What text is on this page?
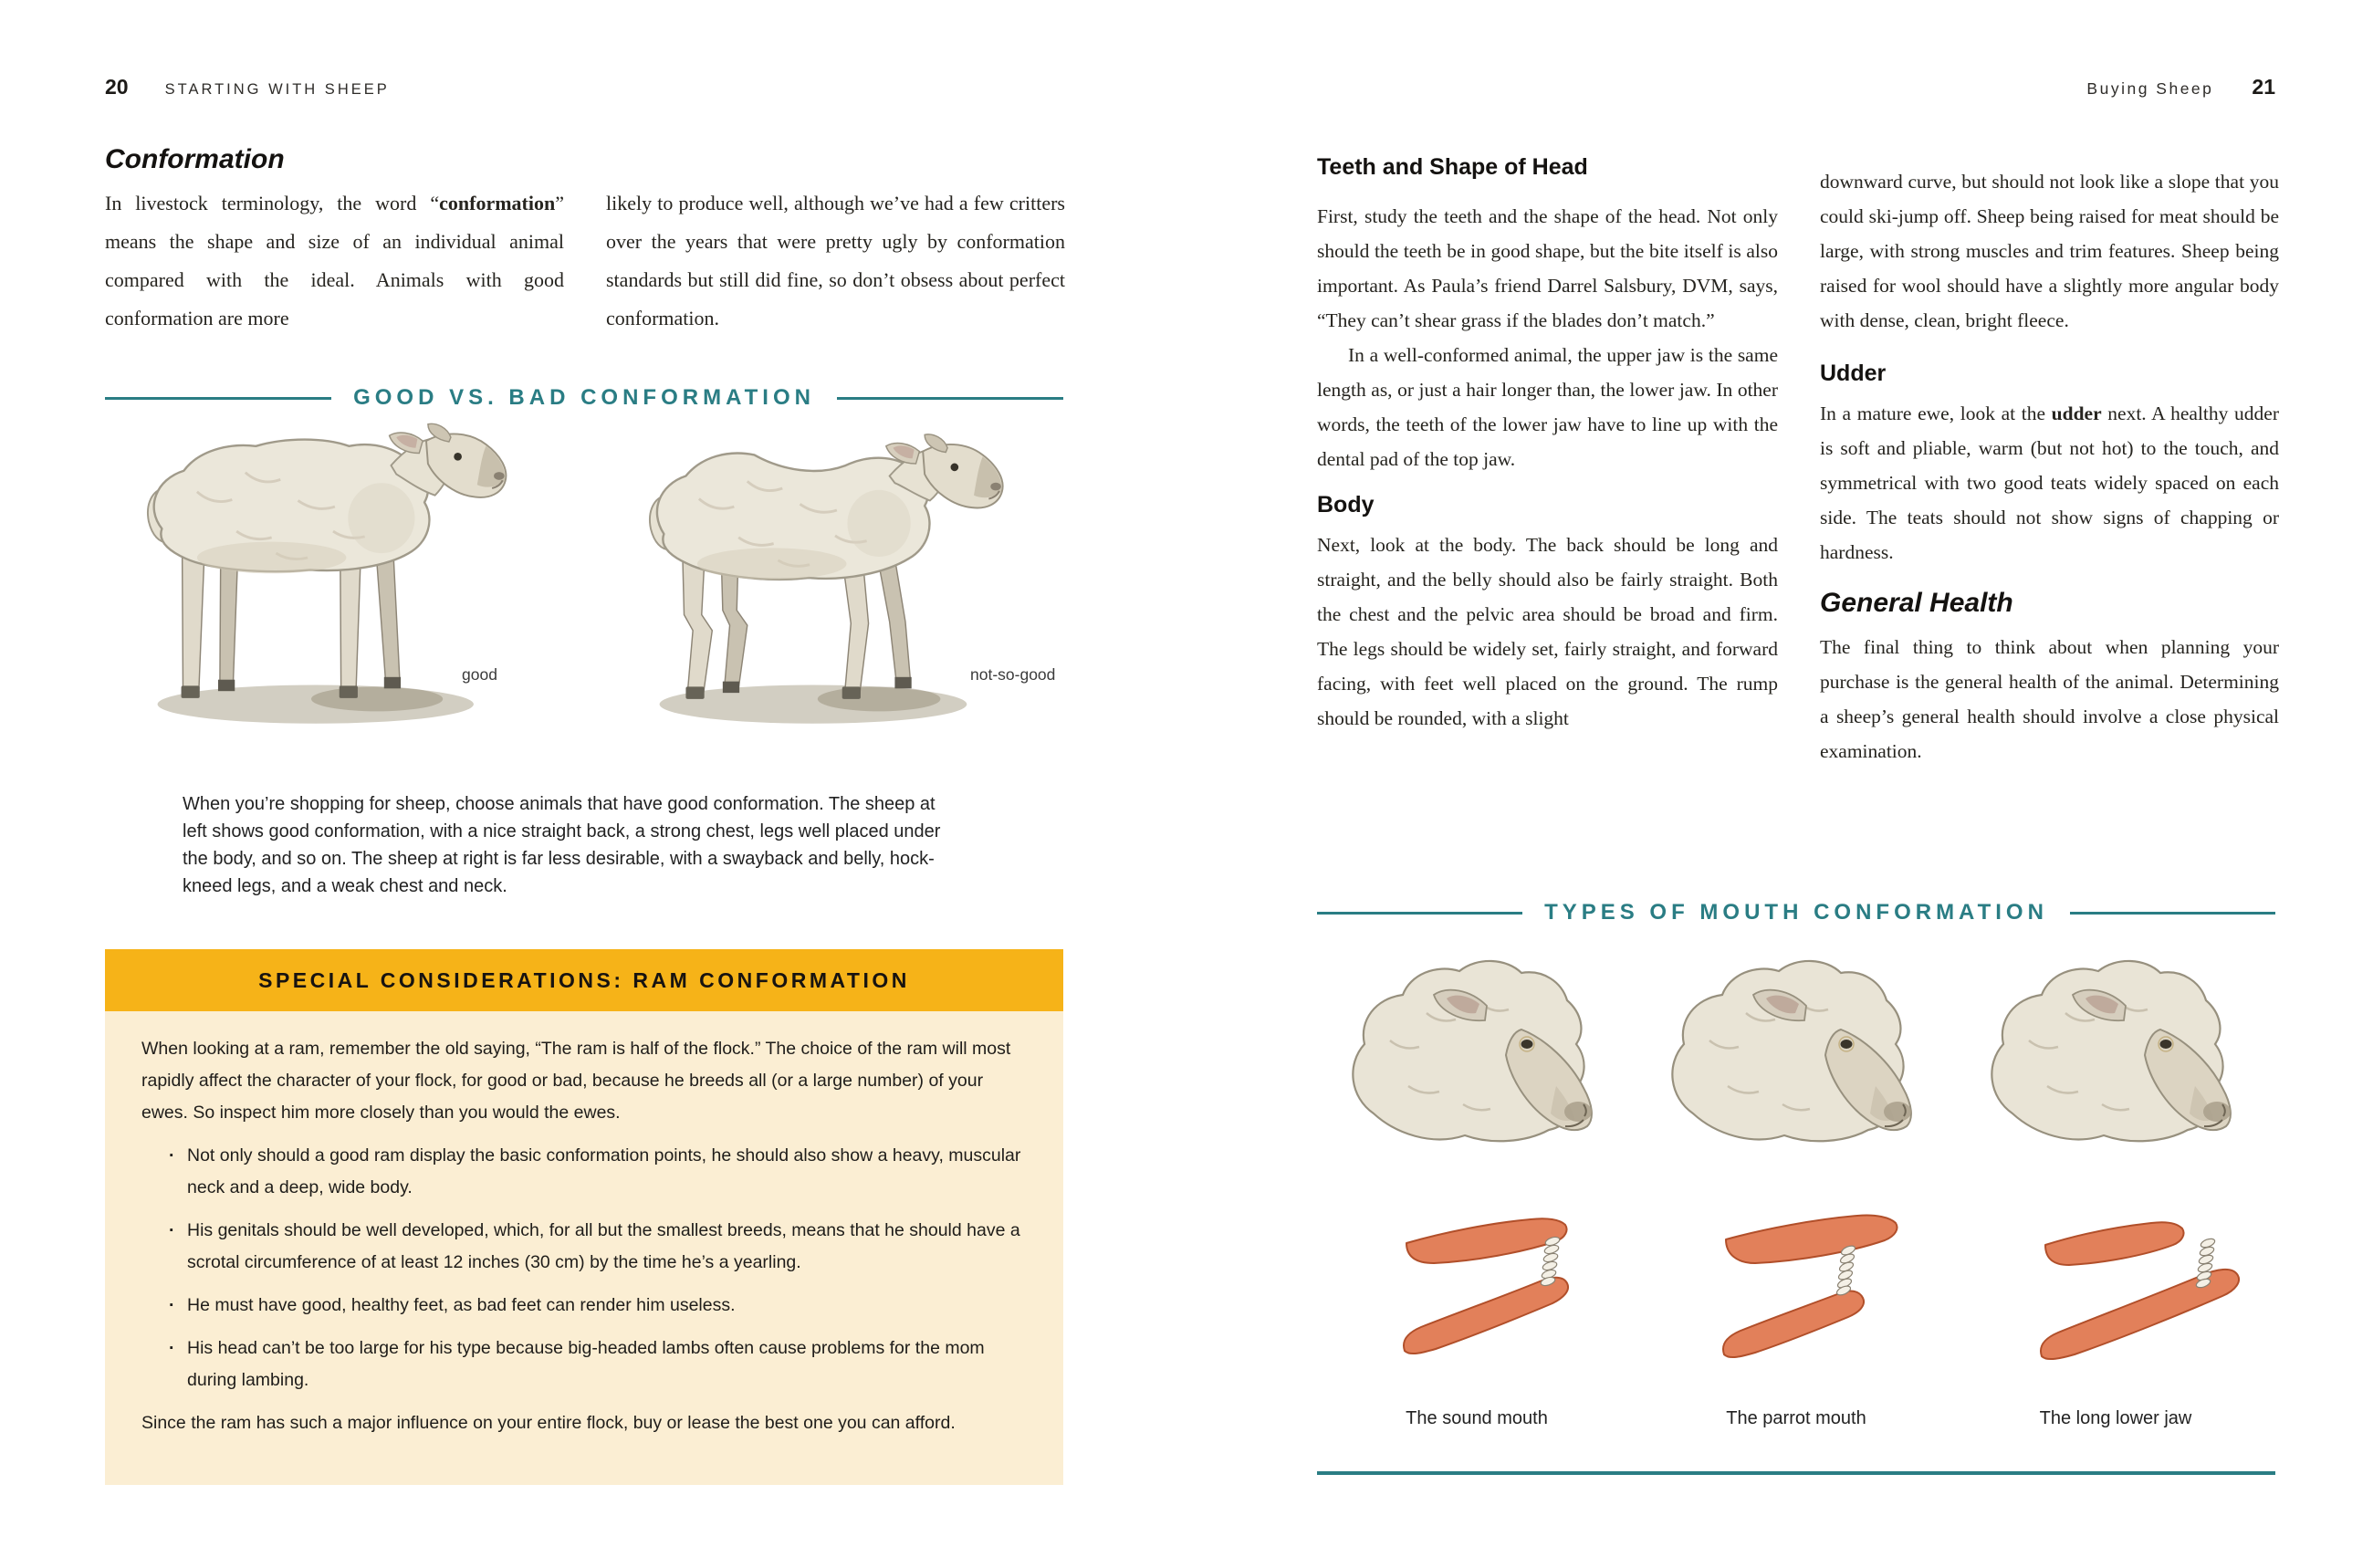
20 STARTING WITH SHEEP
Conformation

In livestock terminology, the word “conformation” means the shape and size of an individual animal compared with the ideal. Animals with good conformation are more

likely to produce well, although we’ve had a few critters over the years that were pretty ugly by conformation standards but still did fine, so don’t obsess about perfect conformation.

GOOD VS. BAD CONFORMATION
good	not-so-good

When you’re shopping for sheep, choose animals that have good conformation. The sheep at left shows good conformation, with a nice straight back, a strong chest, legs well placed under the body, and so on. The sheep at right is far less desirable, with a swayback and belly, hock-kneed legs, and a weak chest and neck.

SPECIAL CONSIDERATIONS: RAM CONFORMATION

When looking at a ram, remember the old saying, “The ram is half of the flock.” The choice of the ram will most rapidly affect the character of your flock, for good or bad, because he breeds all (or a large number) of your ewes. So inspect him more closely than you would the ewes.

· Not only should a good ram display the basic conformation points, he should also show a heavy, muscular neck and a deep, wide body.
· His genitals should be well developed, which, for all but the smallest breeds, means that he should have a scrotal circumference of at least 12 inches (30 cm) by the time he’s a yearling.
· He must have good, healthy feet, as bad feet can render him useless.
· His head can’t be too large for his type because big-headed lambs often cause problems for the mom during lambing.

Since the ram has such a major influence on your entire flock, buy or lease the best one you can afford.

Buying Sheep 21
Teeth and Shape of Head

First, study the teeth and the shape of the head. Not only should the teeth be in good shape, but the bite itself is also important. As Paula’s friend Darrel Salsbury, DVM, says, “They can’t shear grass if the blades don’t match.”

In a well-conformed animal, the upper jaw is the same length as, or just a hair longer than, the lower jaw. In other words, the teeth of the lower jaw have to line up with the dental pad of the top jaw.

Body

Next, look at the body. The back should be long and straight, and the belly should also be fairly straight. Both the chest and the pelvic area should be broad and firm. The legs should be widely set, fairly straight, and forward facing, with feet well placed on the ground. The rump should be rounded, with a slight

downward curve, but should not look like a slope that you could ski-jump off. Sheep being raised for meat should be large, with strong muscles and trim features. Sheep being raised for wool should have a slightly more angular body with dense, clean, bright fleece.

Udder

In a mature ewe, look at the udder next. A healthy udder is soft and pliable, warm (but not hot) to the touch, and symmetrical with two good teats widely spaced on each side. The teats should not show signs of chapping or hardness.

General Health

The final thing to think about when planning your purchase is the general health of the animal. Determining a sheep’s general health should involve a close physical examination.

TYPES OF MOUTH CONFORMATION
The sound mouth	The parrot mouth	The long lower jaw
